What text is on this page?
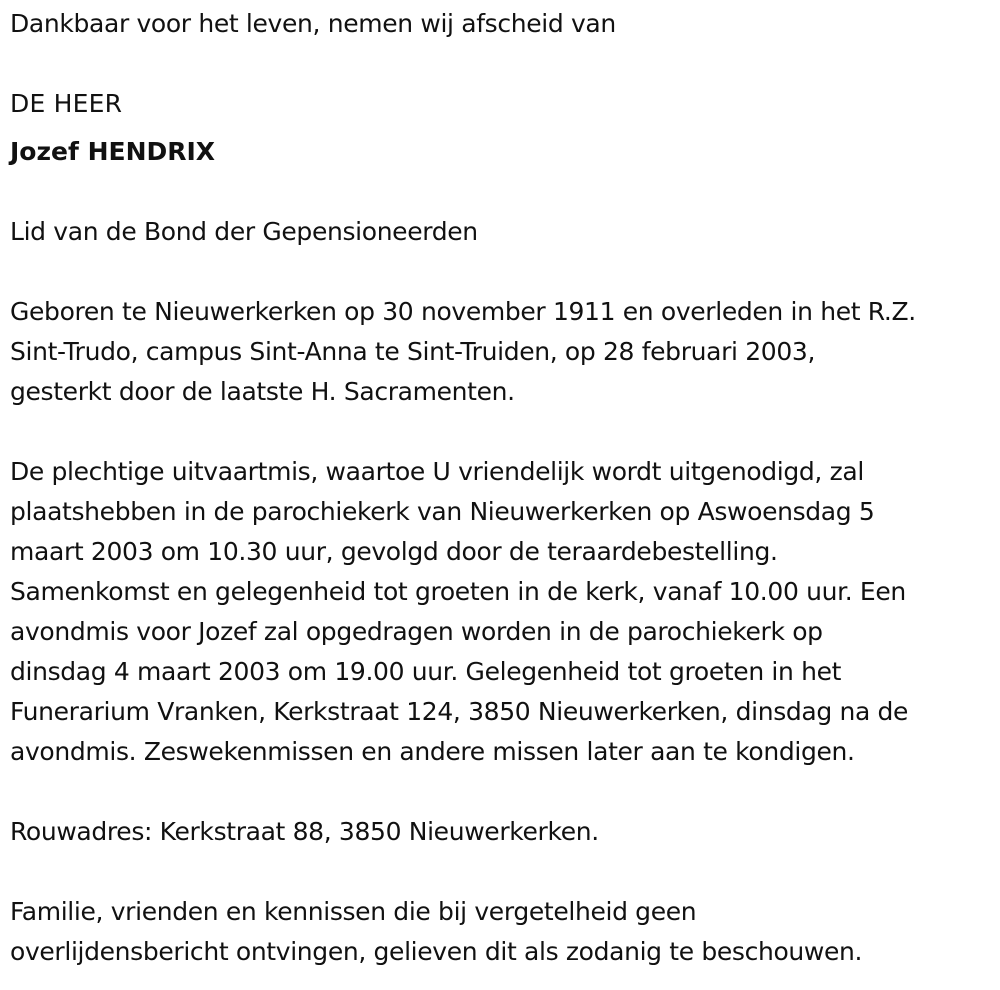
Dankbaar voor het leven, nemen wij afscheid van

DE HEER

Jozef HENDRIX

Lid van de Bond der Gepensioneerden

Geboren te Nieuwerkerken op 30 november 1911 en overleden in het R.Z.

Sint-Trudo, campus Sint-Anna te Sint-Truiden, op 28 februari 2003,

gesterkt door de laatste H. Sacramenten.

De plechtige uitvaartmis, waartoe U vriendelijk wordt uitgenodigd, zal

plaatshebben in de parochiekerk van Nieuwerkerken op Aswoensdag 5

maart 2003 om 10.30 uur, gevolgd door de teraardebestelling.

Samenkomst en gelegenheid tot groeten in de kerk, vanaf 10.00 uur. Een

avondmis voor Jozef zal opgedragen worden in de parochiekerk op

dinsdag 4 maart 2003 om 19.00 uur. Gelegenheid tot groeten in het

Funerarium Vranken, Kerkstraat 124, 3850 Nieuwerkerken, dinsdag na de

avondmis. Zeswekenmissen en andere missen later aan te kondigen.

Rouwadres: Kerkstraat 88, 3850 Nieuwerkerken.

Familie, vrienden en kennissen die bij vergetelheid geen

overlijdensbericht ontvingen, gelieven dit als zodanig te beschouwen.
